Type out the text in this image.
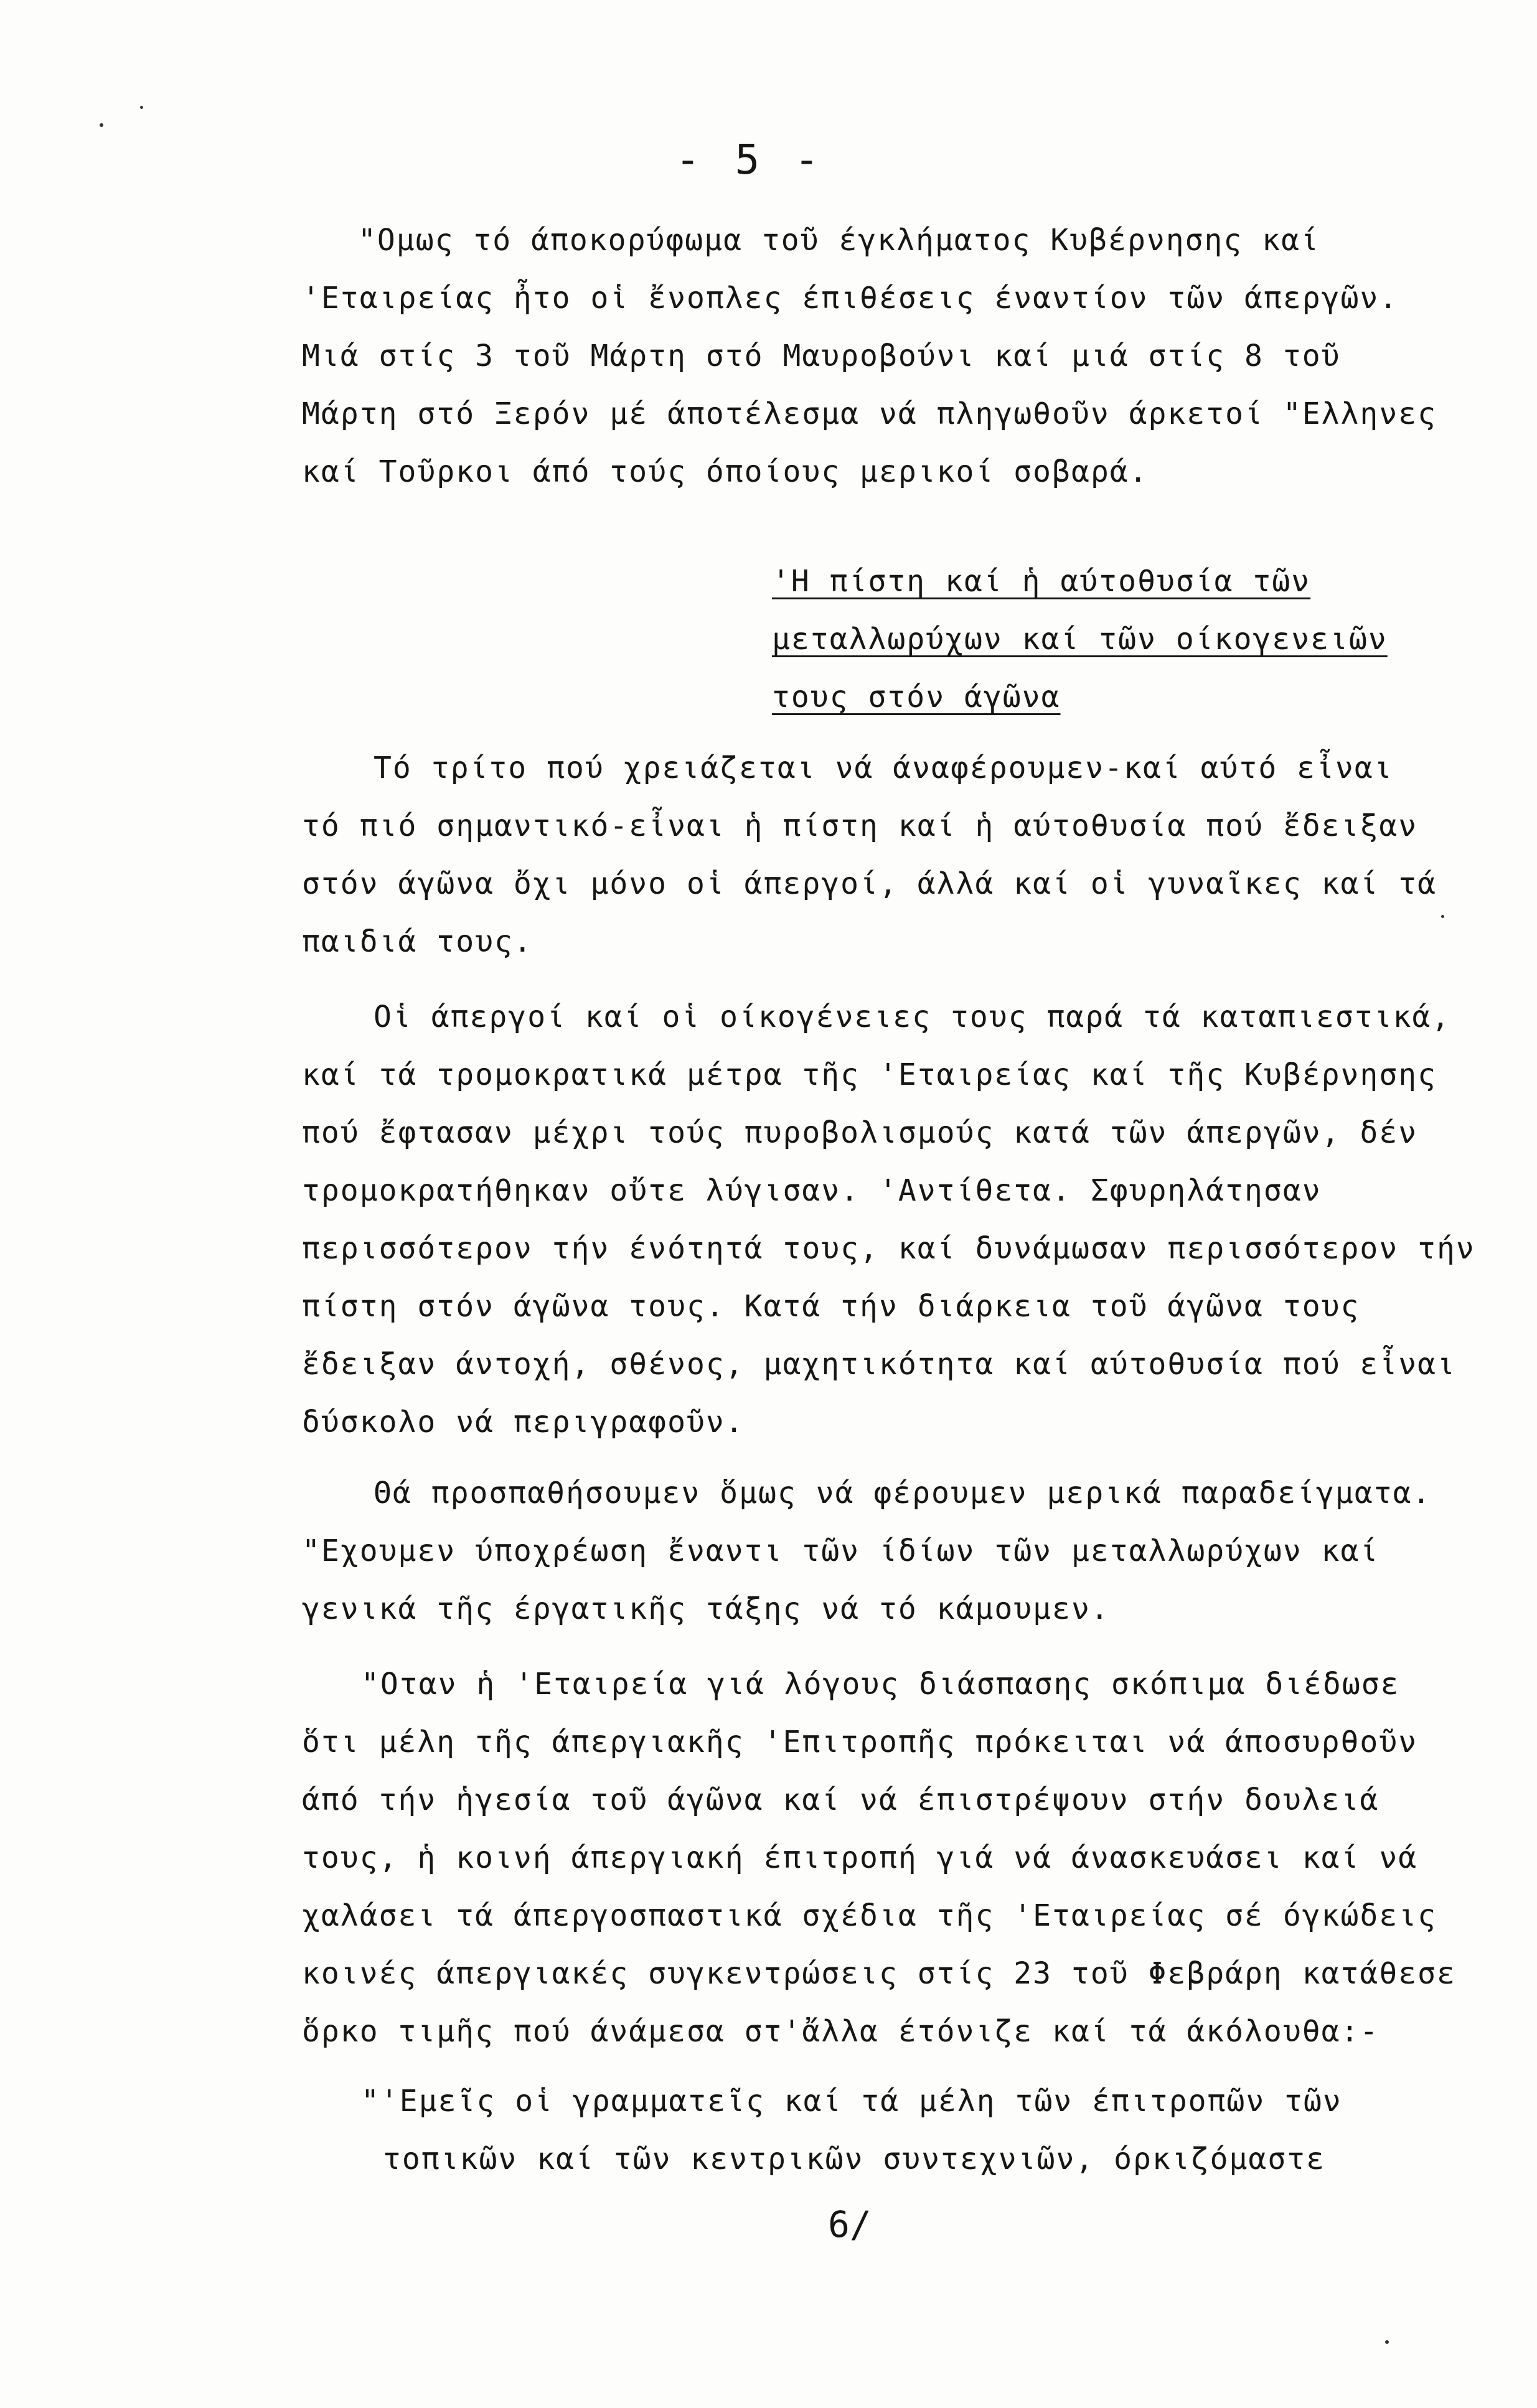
- 5 -
"Ομως τό άποκορύφωμα τοῦ έγκλήματος Κυβέρνησης καί
'Εταιρείας ἦτο οἱ ἔνοπλες έπιθέσεις έναντίον τῶν άπεργῶν.
Μιά στίς 3 τοῦ Μάρτη στό Μαυροβούνι καί μιά στίς 8 τοῦ
Μάρτη στό Ξερόν μέ άποτέλεσμα νά πληγωθοῦν άρκετοί "Ελληνες
καί Τοῦρκοι άπό τούς όποίους μερικοί σοβαρά.
'Η πίστη καί ἡ αύτοθυσία τῶν
μεταλλωρύχων καί τῶν οίκογενειῶν
τους στόν άγῶνα
Τό τρίτο πού χρειάζεται νά άναφέρουμεν-καί αύτό εἶναι
τό πιό σημαντικό-εἶναι ἡ πίστη καί ἡ αύτοθυσία πού ἔδειξαν
στόν άγῶνα ὄχι μόνο οἱ άπεργοί, άλλά καί οἱ γυναῖκες καί τά
παιδιά τους.
Οἱ άπεργοί καί οἱ οίκογένειες τους παρά τά καταπιεστικά,
καί τά τρομοκρατικά μέτρα τῆς 'Εταιρείας καί τῆς Κυβέρνησης
πού ἔφτασαν μέχρι τούς πυροβολισμούς κατά τῶν άπεργῶν, δέν
τρομοκρατήθηκαν οὔτε λύγισαν. 'Αντίθετα. Σφυρηλάτησαν
περισσότερον τήν ένότητά τους, καί δυνάμωσαν περισσότερον τήν
πίστη στόν άγῶνα τους. Κατά τήν διάρκεια τοῦ άγῶνα τους
ἔδειξαν άντοχή, σθένος, μαχητικότητα καί αύτοθυσία πού εἶναι
δύσκολο νά περιγραφοῦν.
Θά προσπαθήσουμεν ὅμως νά φέρουμεν μερικά παραδείγματα.
"Εχουμεν ύποχρέωση ἔναντι τῶν ίδίων τῶν μεταλλωρύχων καί
γενικά τῆς έργατικῆς τάξης νά τό κάμουμεν.
"Οταν ἡ 'Εταιρεία γιά λόγους διάσπασης σκόπιμα διέδωσε
ὅτι μέλη τῆς άπεργιακῆς 'Επιτροπῆς πρόκειται νά άποσυρθοῦν
άπό τήν ἡγεσία τοῦ άγῶνα καί νά έπιστρέψουν στήν δουλειά
τους, ἡ κοινή άπεργιακή έπιτροπή γιά νά άνασκευάσει καί νά
χαλάσει τά άπεργοσπαστικά σχέδια τῆς 'Εταιρείας σέ όγκώδεις
κοινές άπεργιακές συγκεντρώσεις στίς 23 τοῦ Φεβράρη κατάθεσε
ὅρκο τιμῆς πού άνάμεσα στ'ἄλλα έτόνιζε καί τά άκόλουθα:-
"'Εμεῖς οἱ γραμματεῖς καί τά μέλη τῶν έπιτροπῶν τῶν
τοπικῶν καί τῶν κεντρικῶν συντεχνιῶν, όρκιζόμαστε
6/
